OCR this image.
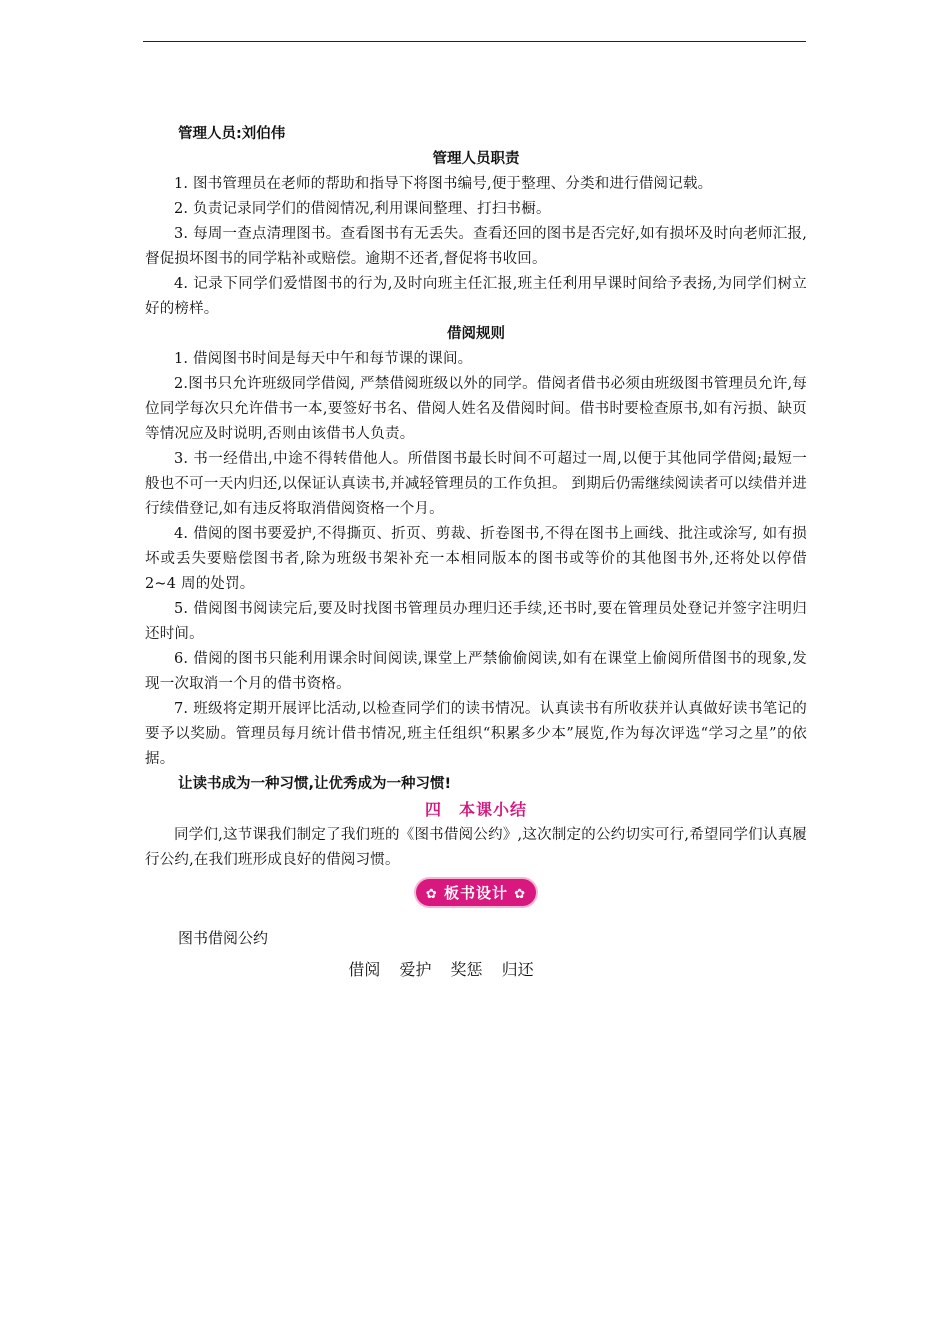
管理人员:刘伯伟
管理人员职责

1. 图书管理员在老师的帮助和指导下将图书编号,便于整理、分类和进行借阅记载。

2. 负责记录同学们的借阅情况,利用课间整理、打扫书橱。

3. 每周一查点清理图书。查看图书有无丢失。查看还回的图书是否完好,如有损坏及时向老师汇报,督促损坏图书的同学粘补或赔偿。逾期不还者,督促将书收回。

4. 记录下同学们爱惜图书的行为,及时向班主任汇报,班主任利用早课时间给予表扬,为同学们树立好的榜样。

借阅规则

1. 借阅图书时间是每天中午和每节课的课间。

2.图书只允许班级同学借阅, 严禁借阅班级以外的同学。借阅者借书必须由班级图书管理员允许,每位同学每次只允许借书一本,要签好书名、借阅人姓名及借阅时间。借书时要检查原书,如有污损、缺页等情况应及时说明,否则由该借书人负责。

3. 书一经借出,中途不得转借他人。所借图书最长时间不可超过一周,以便于其他同学借阅;最短一般也不可一天内归还,以保证认真读书,并减轻管理员的工作负担。 到期后仍需继续阅读者可以续借并进行续借登记,如有违反将取消借阅资格一个月。

4. 借阅的图书要爱护,不得撕页、折页、剪裁、折卷图书,不得在图书上画线、批注或涂写, 如有损坏或丢失要赔偿图书者,除为班级书架补充一本相同版本的图书或等价的其他图书外,还将处以停借 2~4 周的处罚。

5. 借阅图书阅读完后,要及时找图书管理员办理归还手续,还书时,要在管理员处登记并签字注明归还时间。

6. 借阅的图书只能利用课余时间阅读,课堂上严禁偷偷阅读,如有在课堂上偷阅所借图书的现象,发现一次取消一个月的借书资格。

7. 班级将定期开展评比活动,以检查同学们的读书情况。认真读书有所收获并认真做好读书笔记的要予以奖励。管理员每月统计借书情况,班主任组织“积累多少本”展览,作为每次评选“学习之星”的依据。

让读书成为一种习惯,让优秀成为一种习惯!
四　本课小结

同学们,这节课我们制定了我们班的《图书借阅公约》,这次制定的公约切实可行,希望同学们认真履行公约,在我们班形成良好的借阅习惯。

✿ 板书设计 ✿
图书借阅公约
借阅 爱护 奖惩 归还
